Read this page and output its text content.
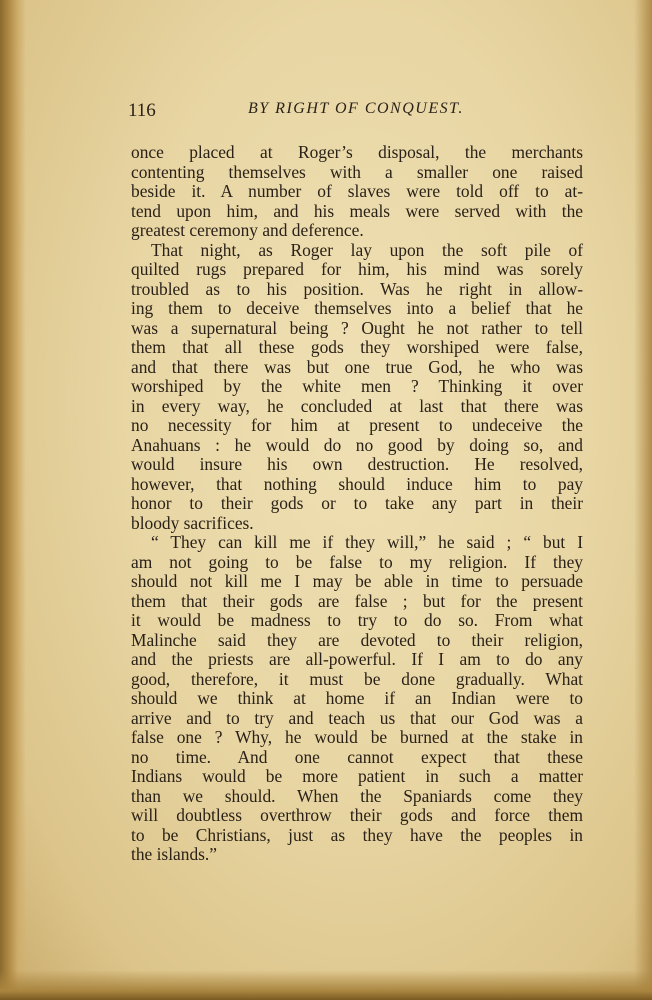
116	BY RIGHT OF CONQUEST.
once placed at Roger’s disposal, the merchants
contenting themselves with a smaller one raised
beside it. A number of slaves were told off to at-
tend upon him, and his meals were served with the
greatest ceremony and deference.
That night, as Roger lay upon the soft pile of
quilted rugs prepared for him, his mind was sorely
troubled as to his position. Was he right in allow-
ing them to deceive themselves into a belief that he
was a supernatural being ? Ought he not rather to tell
them that all these gods they worshiped were false,
and that there was but one true God, he who was
worshiped by the white men ? Thinking it over
in every way, he concluded at last that there was
no necessity for him at present to undeceive the
Anahuans : he would do no good by doing so, and
would insure his own destruction. He resolved,
however, that nothing should induce him to pay
honor to their gods or to take any part in their
bloody sacrifices.
“ They can kill me if they will,” he said ; “ but I
am not going to be false to my religion. If they
should not kill me I may be able in time to persuade
them that their gods are false ; but for the present
it would be madness to try to do so. From what
Malinche said they are devoted to their religion,
and the priests are all-powerful. If I am to do any
good, therefore, it must be done gradually. What
should we think at home if an Indian were to
arrive and to try and teach us that our God was a
false one ? Why, he would be burned at the stake in
no time. And one cannot expect that these
Indians would be more patient in such a matter
than we should. When the Spaniards come they
will doubtless overthrow their gods and force them
to be Christians, just as they have the peoples in
the islands.”
